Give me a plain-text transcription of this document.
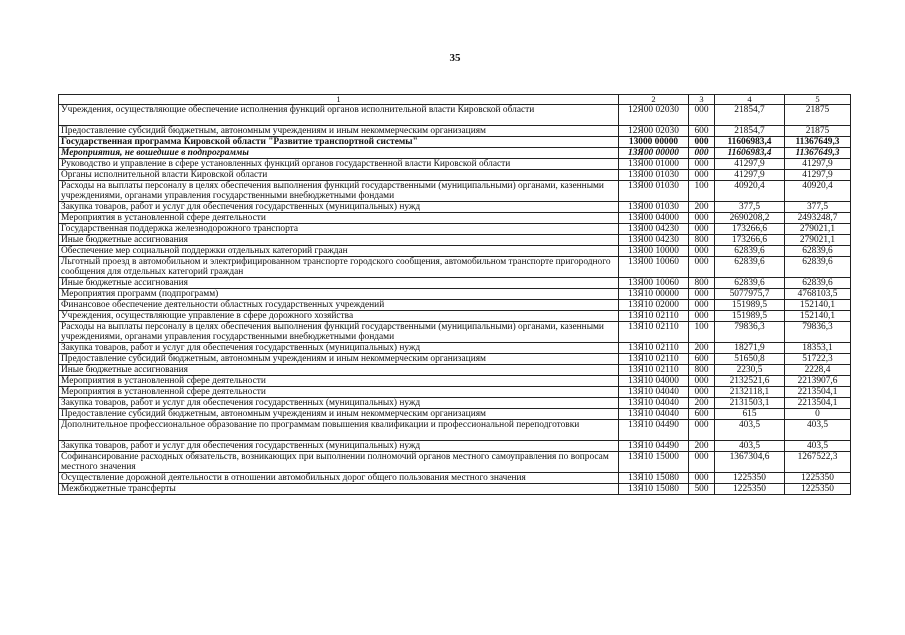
35
1	2	3	4	5
Учреждения, осуществляющие обеспечение исполнения функций органов исполнительной власти Кировской области	12Я00 02030	000	21854,7	21875
Предоставление субсидий бюджетным, автономным учреждениям и иным некоммерческим организациям	12Я00 02030	600	21854,7	21875
Государственная программа Кировской области "Развитие транспортной системы"	13000 00000	000	11606983,4	11367649,3
Мероприятия, не вошедшие в подпрограммы	13Я00 00000	000	11606983,4	11367649,3
Руководство и управление в сфере установленных функций органов государственной власти Кировской области	13Я00 01000	000	41297,9	41297,9
Органы исполнительной власти Кировской области	13Я00 01030	000	41297,9	41297,9
Расходы на выплаты персоналу в целях обеспечения выполнения функций государственными (муниципальными) органами, казенными учреждениями, органами управления государственными внебюджетными фондами	13Я00 01030	100	40920,4	40920,4
Закупка товаров, работ и услуг для обеспечения государственных (муниципальных) нужд	13Я00 01030	200	377,5	377,5
Мероприятия в установленной сфере деятельности	13Я00 04000	000	2690208,2	2493248,7
Государственная поддержка железнодорожного транспорта	13Я00 04230	000	173266,6	279021,1
Иные бюджетные ассигнования	13Я00 04230	800	173266,6	279021,1
Обеспечение мер социальной поддержки отдельных категорий граждан	13Я00 10000	000	62839,6	62839,6
Льготный проезд в автомобильном и электрифицированном транспорте городского сообщения, автомобильном транспорте пригородного сообщения для отдельных категорий граждан	13Я00 10060	000	62839,6	62839,6
Иные бюджетные ассигнования	13Я00 10060	800	62839,6	62839,6
Мероприятия программ (подпрограмм)	13Я10 00000	000	5077975,7	4768103,5
Финансовое обеспечение деятельности областных государственных учреждений	13Я10 02000	000	151989,5	152140,1
Учреждения, осуществляющие управление в сфере дорожного хозяйства	13Я10 02110	000	151989,5	152140,1
Расходы на выплаты персоналу в целях обеспечения выполнения функций государственными (муниципальными) органами, казенными учреждениями, органами управления государственными внебюджетными фондами	13Я10 02110	100	79836,3	79836,3
Закупка товаров, работ и услуг для обеспечения государственных (муниципальных) нужд	13Я10 02110	200	18271,9	18353,1
Предоставление субсидий бюджетным, автономным учреждениям и иным некоммерческим организациям	13Я10 02110	600	51650,8	51722,3
Иные бюджетные ассигнования	13Я10 02110	800	2230,5	2228,4
Мероприятия в установленной сфере деятельности	13Я10 04000	000	2132521,6	2213907,6
Мероприятия в установленной сфере деятельности	13Я10 04040	000	2132118,1	2213504,1
Закупка товаров, работ и услуг для обеспечения государственных (муниципальных) нужд	13Я10 04040	200	2131503,1	2213504,1
Предоставление субсидий бюджетным, автономным учреждениям и иным некоммерческим организациям	13Я10 04040	600	615	0
Дополнительное профессиональное образование по программам повышения квалификации и профессиональной переподготовки	13Я10 04490	000	403,5	403,5
Закупка товаров, работ и услуг для обеспечения государственных (муниципальных) нужд	13Я10 04490	200	403,5	403,5
Софинансирование расходных обязательств, возникающих при выполнении полномочий органов местного самоуправления по вопросам местного значения	13Я10 15000	000	1367304,6	1267522,3
Осуществление дорожной деятельности в отношении автомобильных дорог общего пользования местного значения	13Я10 15080	000	1225350	1225350
Межбюджетные трансферты	13Я10 15080	500	1225350	1225350
